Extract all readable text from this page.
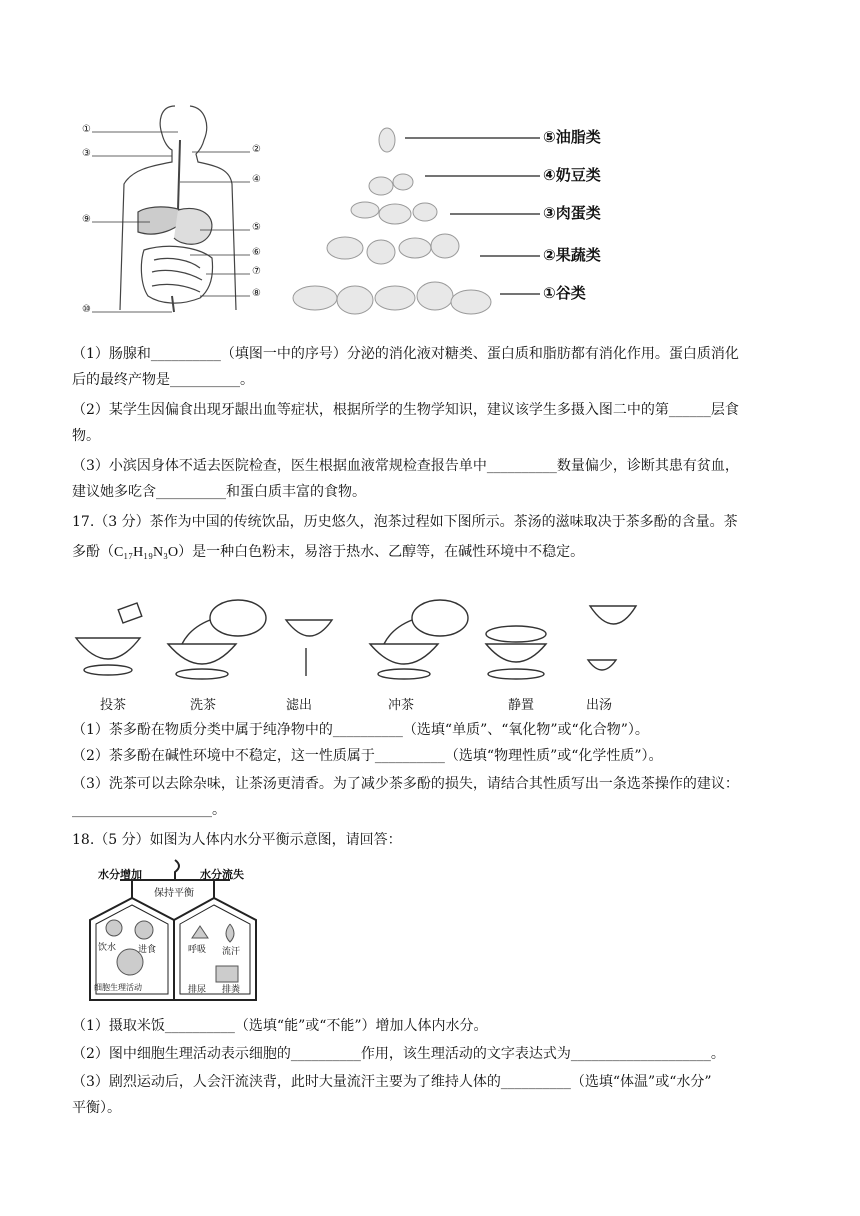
①
③	②
④
⑨
⑤
⑥
⑦
⑧
⑩
⑤油脂类
④奶豆类
③肉蛋类
②果蔬类
①谷类
（1）肠腺和__________（填图一中的序号）分泌的消化液对糖类、蛋白质和脂肪都有消化作用。蛋白质消化
后的最终产物是__________。
（2）某学生因偏食出现牙龈出血等症状，根据所学的生物学知识，建议该学生多摄入图二中的第______层食
物。
（3）小滨因身体不适去医院检查，医生根据血液常规检查报告单中__________数量偏少，诊断其患有贫血，
建议她多吃含__________和蛋白质丰富的食物。
17.（3 分）茶作为中国的传统饮品，历史悠久，泡茶过程如下图所示。茶汤的滋味取决于茶多酚的含量。茶
多酚（C₁₇H₁₉N₃O）是一种白色粉末，易溶于热水、乙醇等，在碱性环境中不稳定。
投茶	洗茶	滤出	冲茶	静置	出汤
（1）茶多酚在物质分类中属于纯净物中的__________（选填“单质”、“氧化物”或“化合物”）。
（2）茶多酚在碱性环境中不稳定，这一性质属于__________（选填“物理性质”或“化学性质”）。
（3）洗茶可以去除杂味，让茶汤更清香。为了减少茶多酚的损失，请结合其性质写出一条选茶操作的建议：
____________________。
18.（5 分）如图为人体内水分平衡示意图，请回答：
水分增加	水分流失
保持平衡
饮水 进食
细胞生理活动
呼吸 流汗
排尿 排粪
（1）摄取米饭__________（选填“能”或“不能”）增加人体内水分。
（2）图中细胞生理活动表示细胞的__________作用，该生理活动的文字表达式为____________________。
（3）剧烈运动后，人会汗流浃背，此时大量流汗主要为了维持人体的__________（选填“体温”或“水分”
平衡）。
